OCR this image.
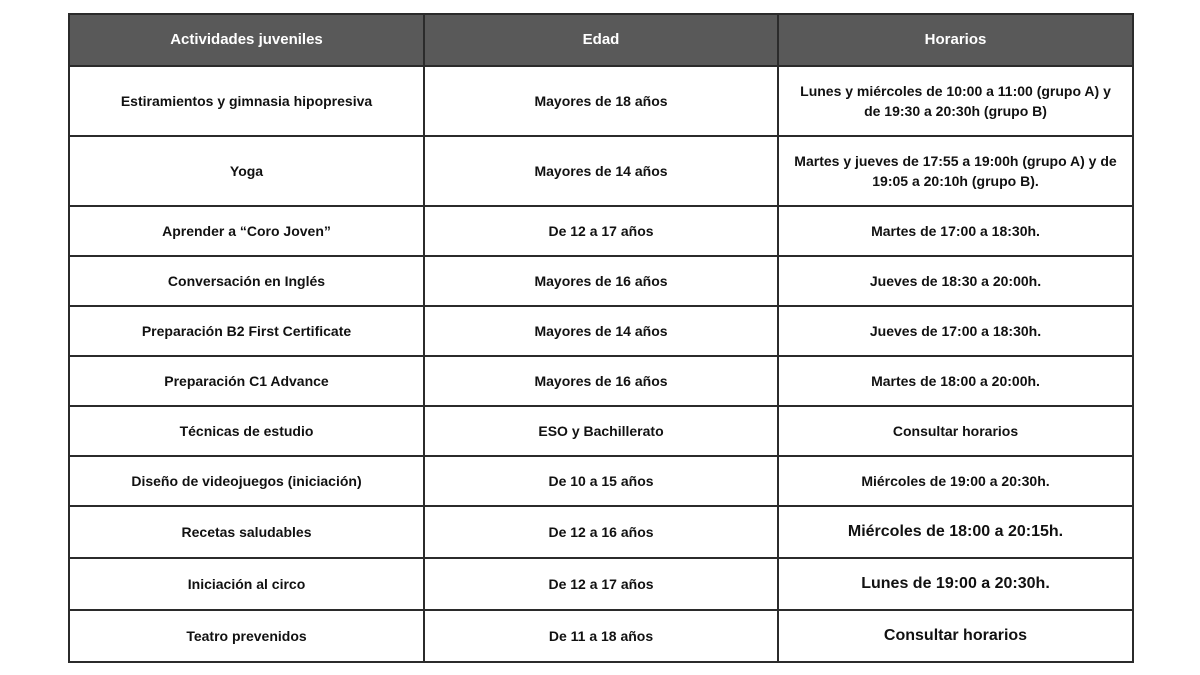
Actividades juveniles	Edad	Horarios
Estiramientos y gimnasia hipopresiva	Mayores de 18 años	Lunes y miércoles de 10:00 a 11:00 (grupo A) y de 19:30 a 20:30h (grupo B)
Yoga	Mayores de 14 años	Martes y jueves de 17:55 a 19:00h (grupo A) y de 19:05 a 20:10h (grupo B).
Aprender a “Coro Joven”	De 12 a 17 años	Martes de 17:00 a 18:30h.
Conversación en Inglés	Mayores de 16 años	Jueves de 18:30 a 20:00h.
Preparación B2 First Certificate	Mayores de 14 años	Jueves de 17:00 a 18:30h.
Preparación C1 Advance	Mayores de 16 años	Martes de 18:00 a 20:00h.
Técnicas de estudio	ESO y Bachillerato	Consultar horarios
Diseño de videojuegos (iniciación)	De 10 a 15 años	Miércoles de 19:00 a 20:30h.
Recetas saludables	De 12 a 16 años	Miércoles de 18:00 a 20:15h.
Iniciación al circo	De 12 a 17 años	Lunes de 19:00 a 20:30h.
Teatro prevenidos	De 11 a 18 años	Consultar horarios
